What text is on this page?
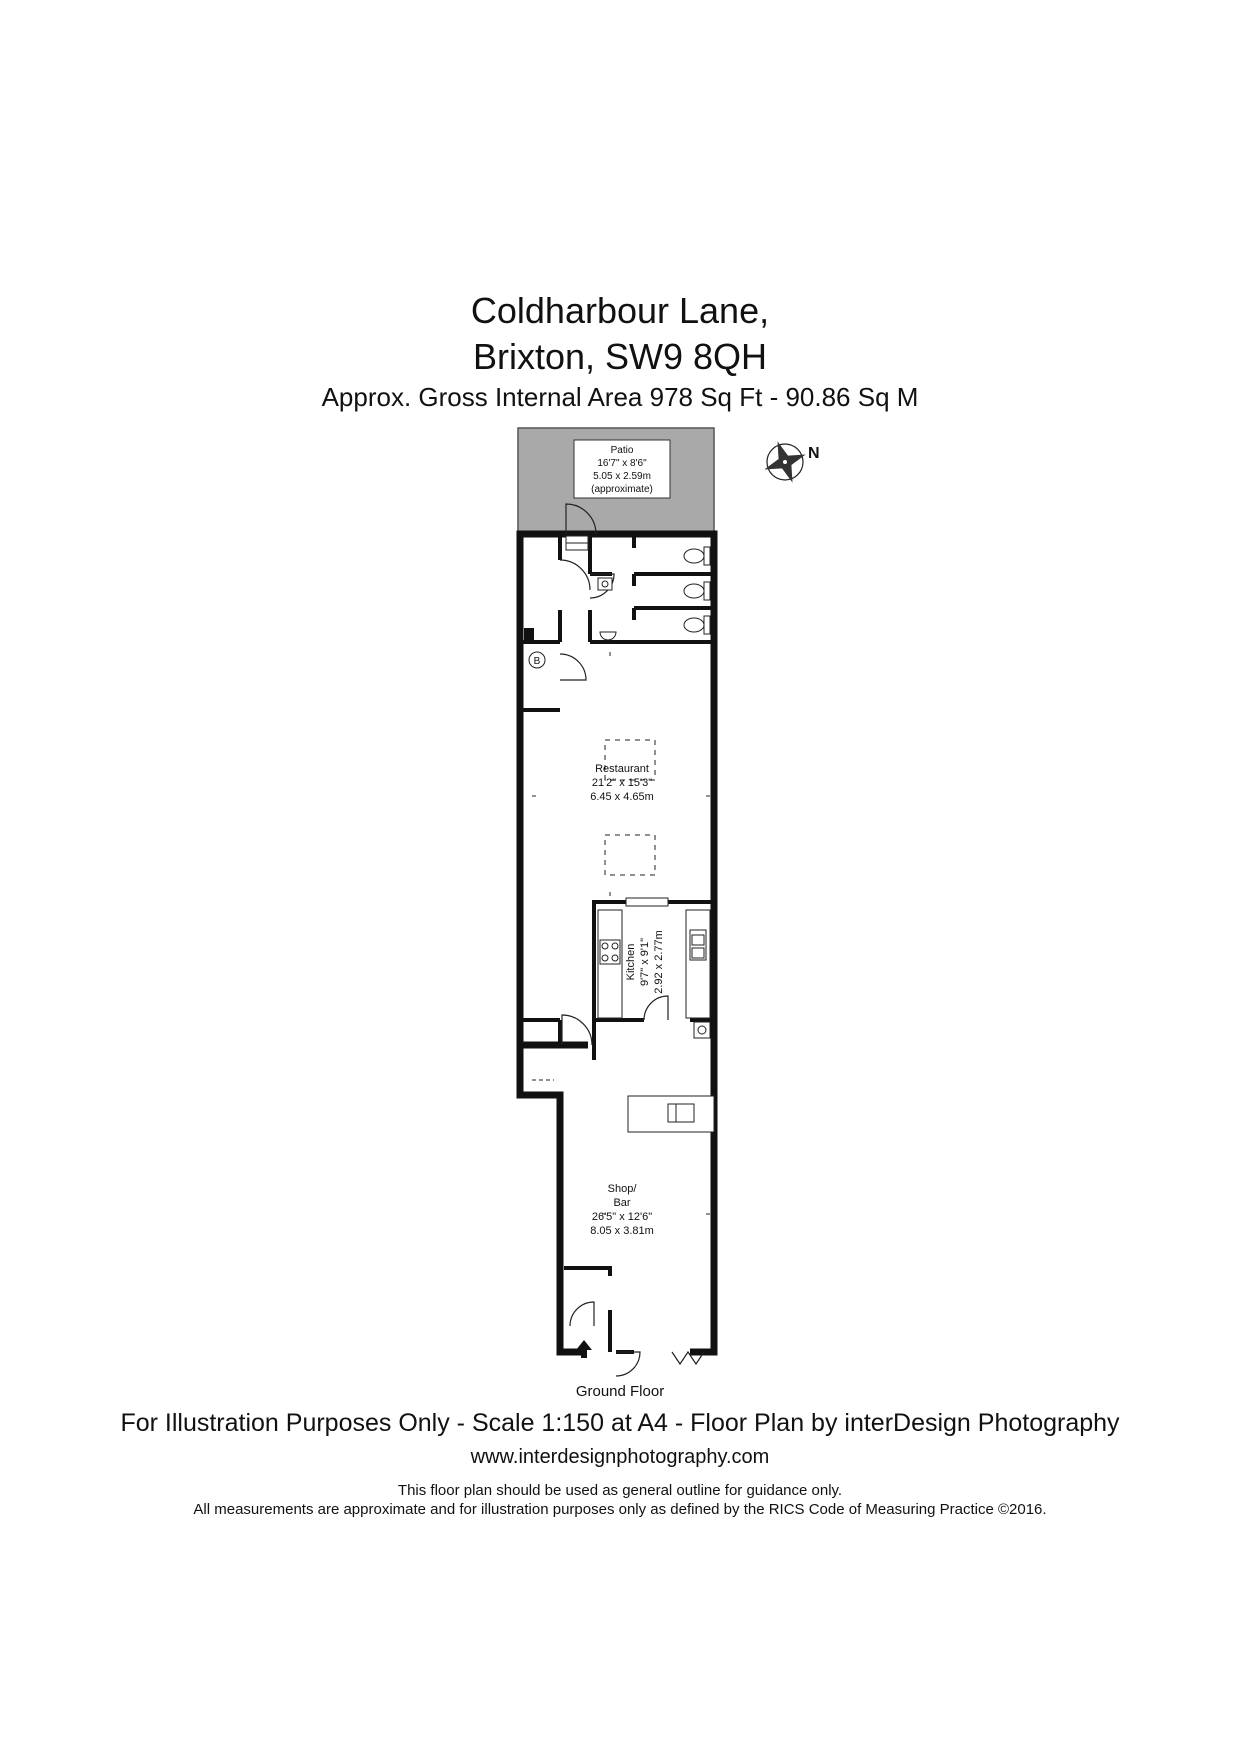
Coldharbour Lane,
Brixton, SW9 8QH
Approx. Gross Internal Area 978 Sq Ft - 90.86 Sq M
Patio
16'7" x 8'6"
5.05 x 2.59m
(approximate)
N
B
Restaurant
21'2" x 15'3"
6.45 x 4.65m
Kitchen 9'7" x 9'1" 2.92 x 2.77m
Shop/
Bar
26'5" x 12'6"
8.05 x 3.81m
Ground Floor
For Illustration Purposes Only - Scale 1:150 at A4 - Floor Plan by interDesign Photography
www.interdesignphotography.com
This floor plan should be used as general outline for guidance only.
All measurements are approximate and for illustration purposes only as defined by the RICS Code of Measuring Practice ©2016.
